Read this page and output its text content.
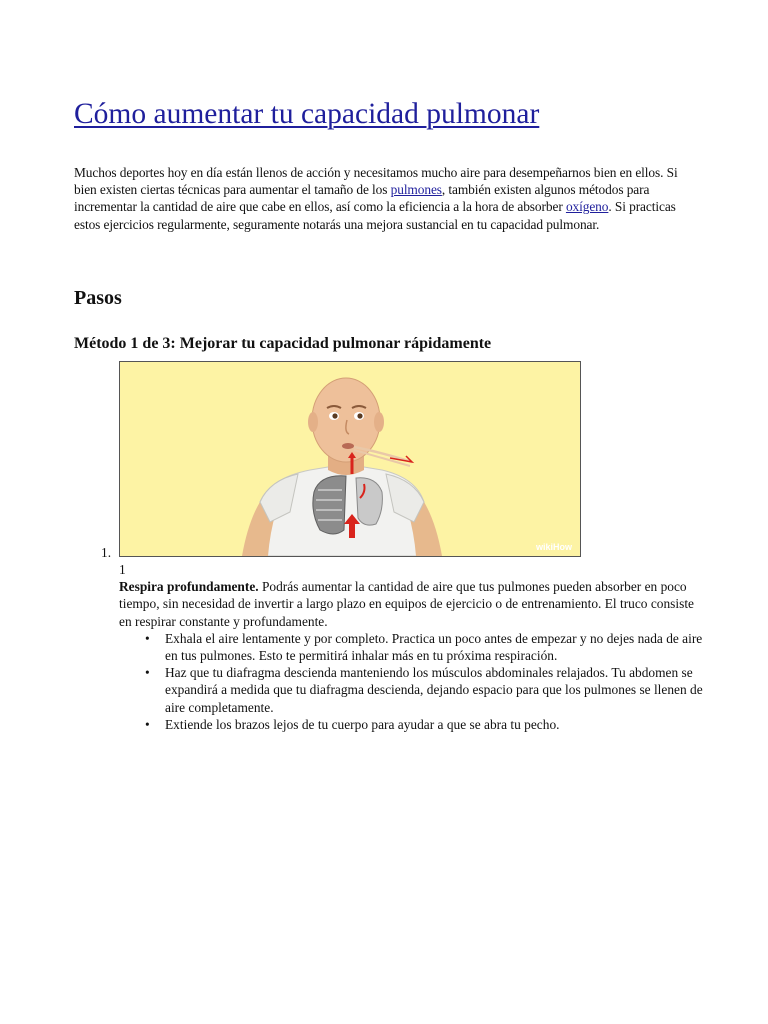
Cómo aumentar tu capacidad pulmonar

Muchos deportes hoy en día están llenos de acción y necesitamos mucho aire para desempeñarnos bien en ellos. Si bien existen ciertas técnicas para aumentar el tamaño de los pulmones, también existen algunos métodos para incrementar la cantidad de aire que cabe en ellos, así como la eficiencia a la hora de absorber oxígeno. Si practicas estos ejercicios regularmente, seguramente notarás una mejora sustancial en tu capacidad pulmonar.

Pasos
Método 1 de 3: Mejorar tu capacidad pulmonar rápidamente
1.	wikiHow

1

Respira profundamente. Podrás aumentar la cantidad de aire que tus pulmones pueden absorber en poco tiempo, sin necesidad de invertir a largo plazo en equipos de ejercicio o de entrenamiento. El truco consiste en respirar constante y profundamente.

• Exhala el aire lentamente y por completo. Practica un poco antes de empezar y no dejes nada de aire en tus pulmones. Esto te permitirá inhalar más en tu próxima respiración.
• Haz que tu diafragma descienda manteniendo los músculos abdominales relajados. Tu abdomen se expandirá a medida que tu diafragma descienda, dejando espacio para que los pulmones se llenen de aire completamente.
• Extiende los brazos lejos de tu cuerpo para ayudar a que se abra tu pecho.
